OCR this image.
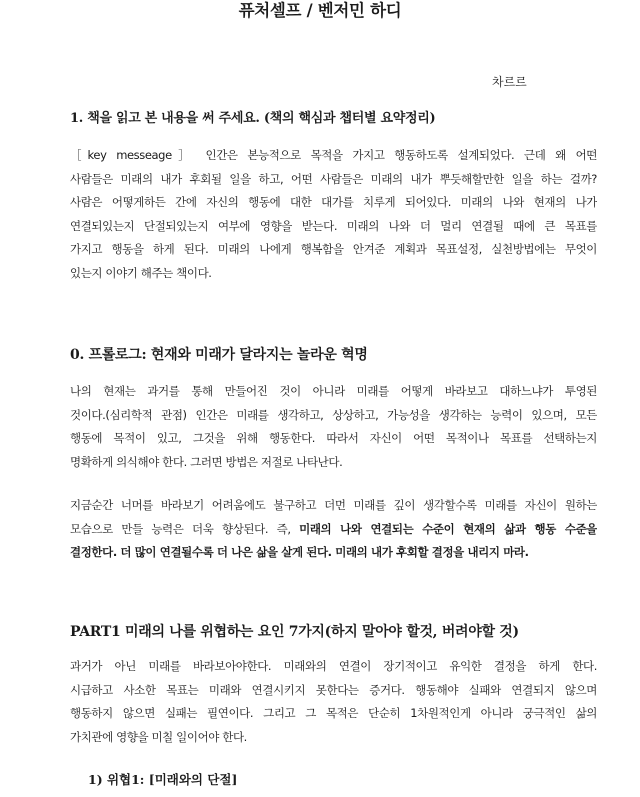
퓨처셀프 / 벤저민 하디
차르르
1. 책을 읽고 본 내용을 써 주세요. (책의 핵심과 챕터별 요약정리)
［key messeage］ 인간은 본능적으로 목적을 가지고 행동하도록 설계되었다. 근데 왜 어떤
사람들은 미래의 내가 후회될 일을 하고, 어떤 사람들은 미래의 내가 뿌듯해할만한 일을 하는 걸까?
사람은 어떻게하든 간에 자신의 행동에 대한 대가를 치루게 되어있다. 미래의 나와 현재의 나가
연결되있는지 단절되있는지 여부에 영향을 받는다. 미래의 나와 더 멀리 연결될 때에 큰 목표를
가지고 행동을 하게 된다. 미래의 나에게 행복함을 안겨준 계획과 목표설정, 실천방법에는 무엇이
있는지 이야기 해주는 책이다.
0. 프롤로그: 현재와 미래가 달라지는 놀라운 혁명
나의 현재는 과거를 통해 만들어진 것이 아니라 미래를 어떻게 바라보고 대하느냐가 투영된
것이다.(심리학적 관점) 인간은 미래를 생각하고, 상상하고, 가능성을 생각하는 능력이 있으며, 모든
행동에 목적이 있고, 그것을 위해 행동한다. 따라서 자신이 어떤 목적이나 목표를 선택하는지
명확하게 의식해야 한다. 그러면 방법은 저절로 나타난다.
지금순간 너머를 바라보기 어려움에도 불구하고 더먼 미래를 깊이 생각할수록 미래를 자신이 원하는
모습으로 만들 능력은 더욱 향상된다. 즉, 미래의 나와 연결되는 수준이 현재의 삶과 행동 수준을
결정한다. 더 많이 연결될수록 더 나은 삶을 살게 된다. 미래의 내가 후회할 결정을 내리지 마라.
PART1 미래의 나를 위협하는 요인 7가지(하지 말아야 할것, 버려야할 것)
과거가 아닌 미래를 바라보아야한다. 미래와의 연결이 장기적이고 유익한 결정을 하게 한다.
시급하고 사소한 목표는 미래와 연결시키지 못한다는 증거다. 행동해야 실패와 연결되지 않으며
행동하지 않으면 실패는 필연이다. 그리고 그 목적은 단순히 1차원적인게 아니라 궁극적인 삶의
가치관에 영향을 미칠 일이어야 한다.
1) 위협1: [미래와의 단절]
